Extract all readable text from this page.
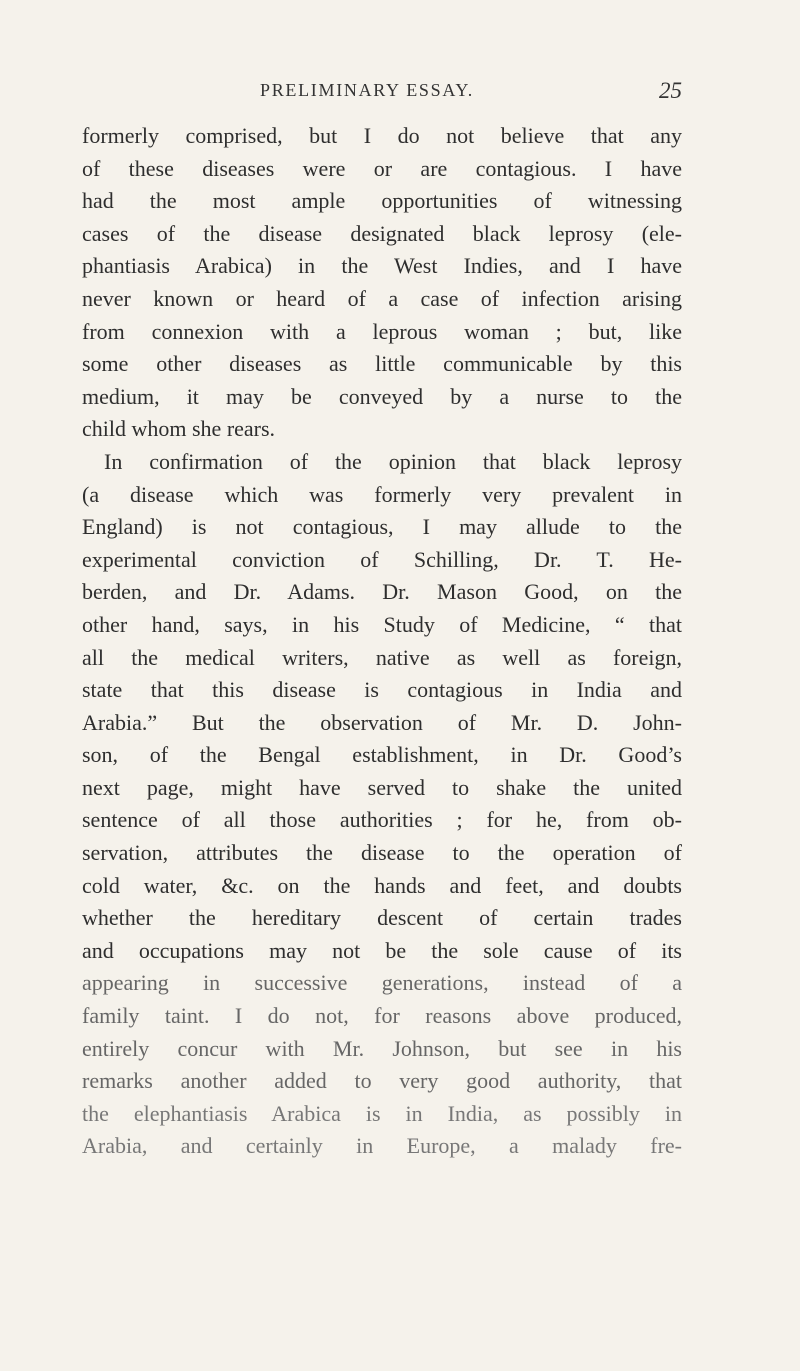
PRELIMINARY ESSAY.	25
formerly comprised, but I do not believe that any
of these diseases were or are contagious. I have
had the most ample opportunities of witnessing
cases of the disease designated black leprosy (ele-
phantiasis Arabica) in the West Indies, and I have
never known or heard of a case of infection arising
from connexion with a leprous woman ; but, like
some other diseases as little communicable by this
medium, it may be conveyed by a nurse to the
child whom she rears.
In confirmation of the opinion that black leprosy
(a disease which was formerly very prevalent in
England) is not contagious, I may allude to the
experimental conviction of Schilling, Dr. T. He-
berden, and Dr. Adams. Dr. Mason Good, on the
other hand, says, in his Study of Medicine, “ that
all the medical writers, native as well as foreign,
state that this disease is contagious in India and
Arabia.” But the observation of Mr. D. John-
son, of the Bengal establishment, in Dr. Good’s
next page, might have served to shake the united
sentence of all those authorities ; for he, from ob-
servation, attributes the disease to the operation of
cold water, &c. on the hands and feet, and doubts
whether the hereditary descent of certain trades
and occupations may not be the sole cause of its
appearing in successive generations, instead of a
family taint. I do not, for reasons above produced,
entirely concur with Mr. Johnson, but see in his
remarks another added to very good authority, that
the elephantiasis Arabica is in India, as possibly in
Arabia, and certainly in Europe, a malady fre-
